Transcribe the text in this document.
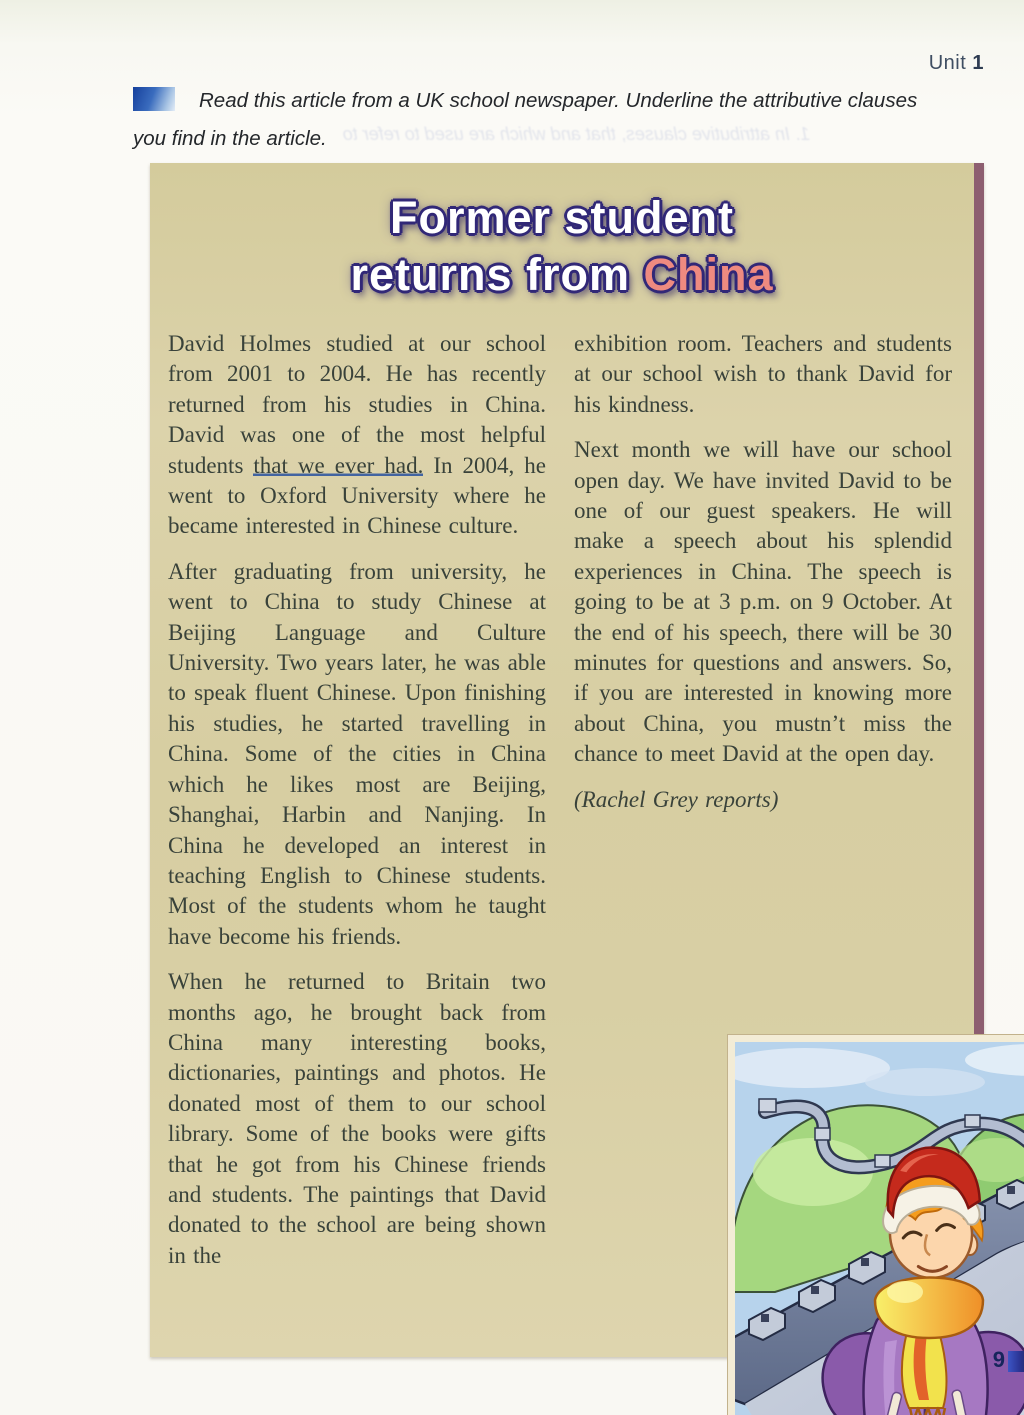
Unit 1
Read this article from a UK school newspaper. Underline the attributive clauses you find in the article. 1. In attributive clauses, that and which are used to refer to
Former student
returns from China

David Holmes studied at our school from 2001 to 2004. He has recently returned from his studies in China. David was one of the most helpful students that we ever had. In 2004, he went to Oxford University where he became interested in Chinese culture.

After graduating from university, he went to China to study Chinese at Beijing Language and Culture University. Two years later, he was able to speak fluent Chinese. Upon finishing his studies, he started travelling in China. Some of the cities in China which he likes most are Beijing, Shanghai, Harbin and Nanjing. In China he developed an interest in teaching English to Chinese students. Most of the students whom he taught have become his friends.

When he returned to Britain two months ago, he brought back from China many interesting books, dictionaries, paintings and photos. He donated most of them to our school library. Some of the books were gifts that he got from his Chinese friends and students. The paintings that David donated to the school are being shown in the

exhibition room. Teachers and students at our school wish to thank David for his kindness.

Next month we will have our school open day. We have invited David to be one of our guest speakers. He will make a speech about his splendid experiences in China. The speech is going to be at 3 p.m. on 9 October. At the end of his speech, there will be 30 minutes for questions and answers. So, if you are interested in knowing more about China, you mustn’t miss the chance to meet David at the open day.

(Rachel Grey reports)

9
